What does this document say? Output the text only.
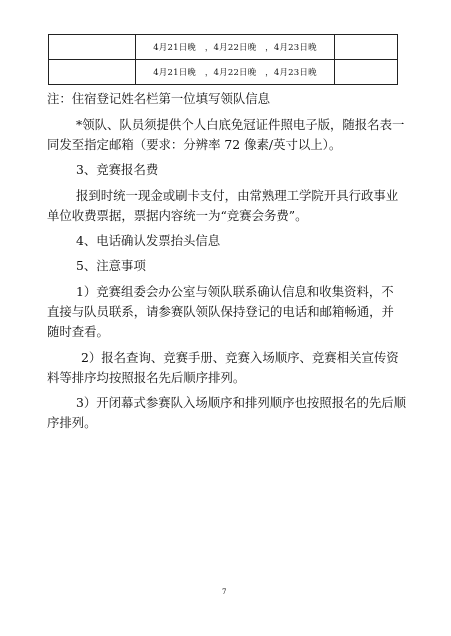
	4月21日晚　，4月22日晚　，4月23日晚	
	4月21日晚　，4月22日晚　，4月23日晚	
注：住宿登记姓名栏第一位填写领队信息
*领队、队员须提供个人白底免冠证件照电子版，随报名表一
同发至指定邮箱（要求：分辨率 72 像素/英寸以上）。
3、竞赛报名费
报到时统一现金或刷卡支付，由常熟理工学院开具行政事业
单位收费票据，票据内容统一为“竞赛会务费”。
4、电话确认发票抬头信息
5、注意事项
1）竞赛组委会办公室与领队联系确认信息和收集资料，不
直接与队员联系，请参赛队领队保持登记的电话和邮箱畅通，并
随时查看。
2）报名查询、竞赛手册、竞赛入场顺序、竞赛相关宣传资
料等排序均按照报名先后顺序排列。
3）开闭幕式参赛队入场顺序和排列顺序也按照报名的先后顺
序排列。
7
